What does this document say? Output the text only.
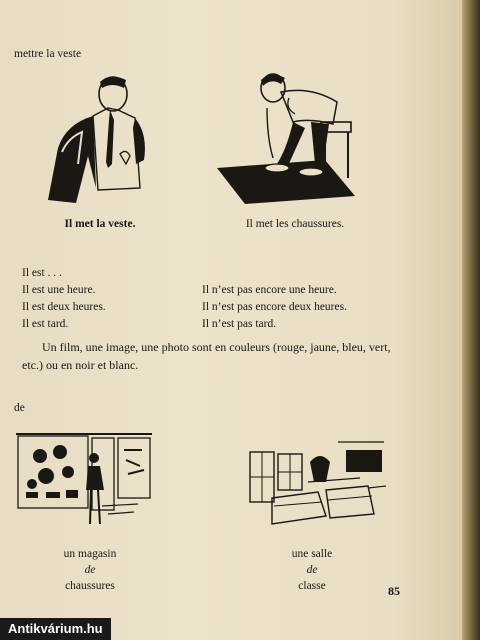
mettre la veste
Il met la veste.	Il met les chaussures.
Il est . . .
Il est une heure.
Il est deux heures.
Il est tard.

Il n’est pas encore une heure.
Il n’est pas encore deux heures.
Il n’est pas tard.
Un film, une image, une photo sont en couleurs (rouge, jaune, bleu, vert, etc.) ou en noir et blanc.
de
un magasin
de
chaussures
une salle
de
classe	85
Antikvárium.hu
